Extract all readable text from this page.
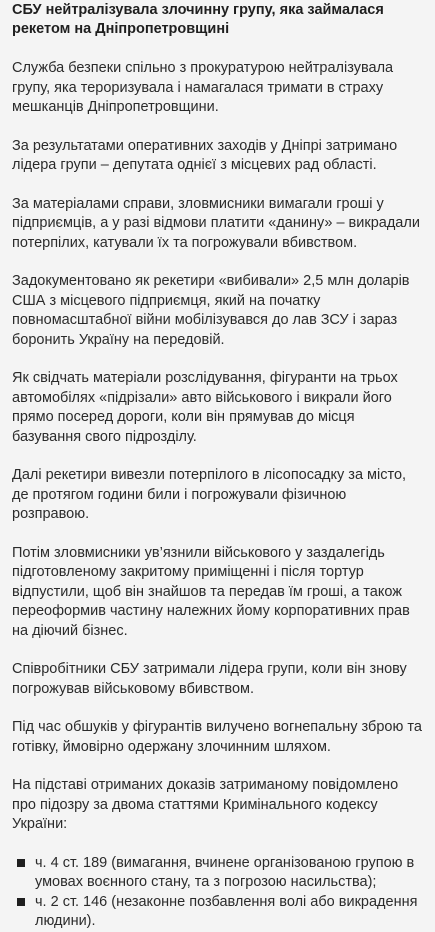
СБУ нейтралізувала злочинну групу, яка займалася рекетом на Дніпропетровщині
Служба безпеки спільно з прокуратурою нейтралізувала групу, яка тероризувала і намагалася тримати в страху мешканців Дніпропетровщини.
За результатами оперативних заходів у Дніпрі затримано лідера групи – депутата однієї з місцевих рад області.
За матеріалами справи, зловмисники вимагали гроші у підприємців, а у разі відмови платити «данину» – викрадали потерпілих, катували їх та погрожували вбивством.
Задокументовано як рекетири «вибивали» 2,5 млн доларів США з місцевого підприємця, який на початку повномасштабної війни мобілізувався до лав ЗСУ і зараз боронить Україну на передовій.
Як свідчать матеріали розслідування, фігуранти на трьох автомобілях «підрізали» авто військового і викрали його прямо посеред дороги, коли він прямував до місця базування свого підрозділу.
Далі рекетири вивезли потерпілого в лісопосадку за місто, де протягом години били і погрожували фізичною розправою.
Потім зловмисники ув’язнили військового у заздалегідь підготовленому закритому приміщенні і після тортур відпустили, щоб він знайшов та передав їм гроші, а також переоформив частину належних йому корпоративних прав на діючий бізнес.
Співробітники СБУ затримали лідера групи, коли він знову погрожував військовому вбивством.
Під час обшуків у фігурантів вилучено вогнепальну зброю та готівку, ймовірно одержану злочинним шляхом.
На підставі отриманих доказів затриманому повідомлено про підозру за двома статтями Кримінального кодексу України:
ч. 4 ст. 189 (вимагання, вчинене організованою групою в умовах воєнного стану, та з погрозою насильства);
ч. 2 ст. 146 (незаконне позбавлення волі або викрадення людини).
